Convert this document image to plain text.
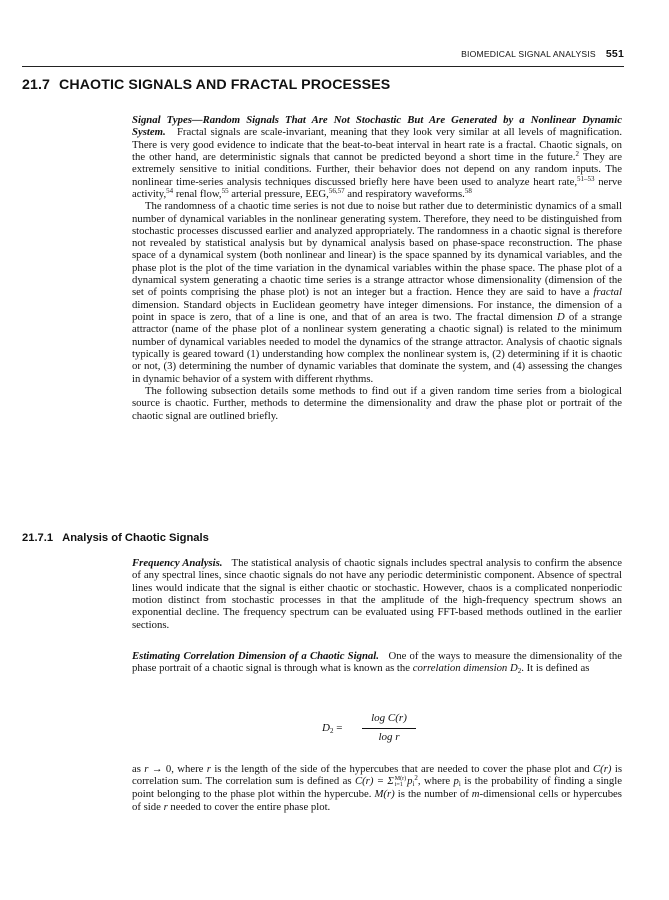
BIOMEDICAL SIGNAL ANALYSIS 551
21.7 CHAOTIC SIGNALS AND FRACTAL PROCESSES

Signal Types—Random Signals That Are Not Stochastic But Are Generated by a Nonlinear Dynamic System. Fractal signals are scale-invariant, meaning that they look very similar at all levels of magnification. There is very good evidence to indicate that the beat-to-beat interval in heart rate is a fractal. Chaotic signals, on the other hand, are deterministic signals that cannot be predicted beyond a short time in the future.$^2$ They are extremely sensitive to initial conditions. Further, their behavior does not depend on any random inputs. The nonlinear time-series analysis techniques discussed briefly here have been used to analyze heart rate,$^{51-53}$ nerve activity,$^{54}$ renal flow,$^{55}$ arterial pressure, EEG,$^{56,57}$ and respiratory waveforms.$^{58}$

The randomness of a chaotic time series is not due to noise but rather due to deterministic dynamics of a small number of dynamical variables in the nonlinear generating system. Therefore, they need to be distinguished from stochastic processes discussed earlier and analyzed appropriately. The randomness in a chaotic signal is therefore not revealed by statistical analysis but by dynamical analysis based on phase-space reconstruction. The phase space of a dynamical system (both nonlinear and linear) is the space spanned by its dynamical variables, and the phase plot is the plot of the time variation in the dynamical variables within the phase space. The phase plot of a dynamical system generating a chaotic time series is a strange attractor whose dimensionality (dimension of the set of points comprising the phase plot) is not an integer but a fraction. Hence they are said to have a fractal dimension. Standard objects in Euclidean geometry have integer dimensions. For instance, the dimension of a point in space is zero, that of a line is one, and that of an area is two. The fractal dimension D of a strange attractor (name of the phase plot of a nonlinear system generating a chaotic signal) is related to the minimum number of dynamical variables needed to model the dynamics of the strange attractor. Analysis of chaotic signals typically is geared toward (1) understanding how complex the nonlinear system is, (2) determining if it is chaotic or not, (3) determining the number of dynamic variables that dominate the system, and (4) assessing the changes in dynamic behavior of a system with different rhythms.

The following subsection details some methods to find out if a given random time series from a biological source is chaotic. Further, methods to determine the dimensionality and draw the phase plot or portrait of the chaotic signal are outlined briefly.

21.7.1 Analysis of Chaotic Signals

Frequency Analysis. The statistical analysis of chaotic signals includes spectral analysis to confirm the absence of any spectral lines, since chaotic signals do not have any periodic deterministic component. Absence of spectral lines would indicate that the signal is either chaotic or stochastic. However, chaos is a complicated nonperiodic motion distinct from stochastic processes in that the amplitude of the high-frequency spectrum shows an exponential decline. The frequency spectrum can be evaluated using FFT-based methods outlined in the earlier sections.

Estimating Correlation Dimension of a Chaotic Signal. One of the ways to measure the dimensionality of the phase portrait of a chaotic signal is through what is known as the correlation dimension $D_2$. It is defined as

$D_2$ =
log C(r)
log r

as r → 0, where r is the length of the side of the hypercubes that are needed to cover the phase plot and C(r) is correlation sum. The correlation sum is defined as C(r) = Σ M(r)
i=1 $p_i^2$, where $p_i$ is the probability of finding a single point belonging to the phase plot within the hypercube. M(r) is the number of m-dimensional cells or hypercubes of side r needed to cover the entire phase plot.
